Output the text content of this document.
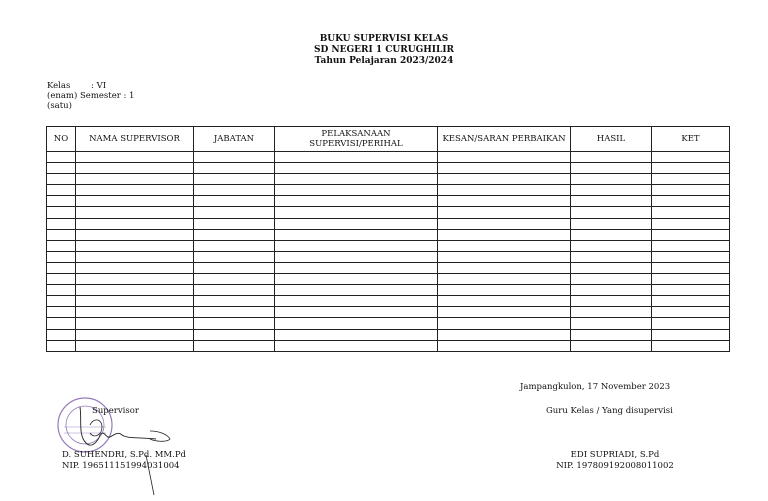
BUKU SUPERVISI KELAS
SD NEGERI 1 CURUGHILIR
Tahun Pelajaran 2023/2024
Kelas : VI
(enam) Semester : 1
(satu)
NO	NAMA SUPERVISOR	JABATAN	PELAKSANAAN SUPERVISI/PERIHAL	KESAN/SARAN PERBAIKAN	HASIL	KET

Jampangkulon, 17 November 2023
Guru Kelas / Yang disupervisi
Supervisor
D. SUHENDRI, S.Pd. MM.Pd
NIP. 196511151994031004
EDI SUPRIADI, S.Pd
NIP. 197809192008011002
